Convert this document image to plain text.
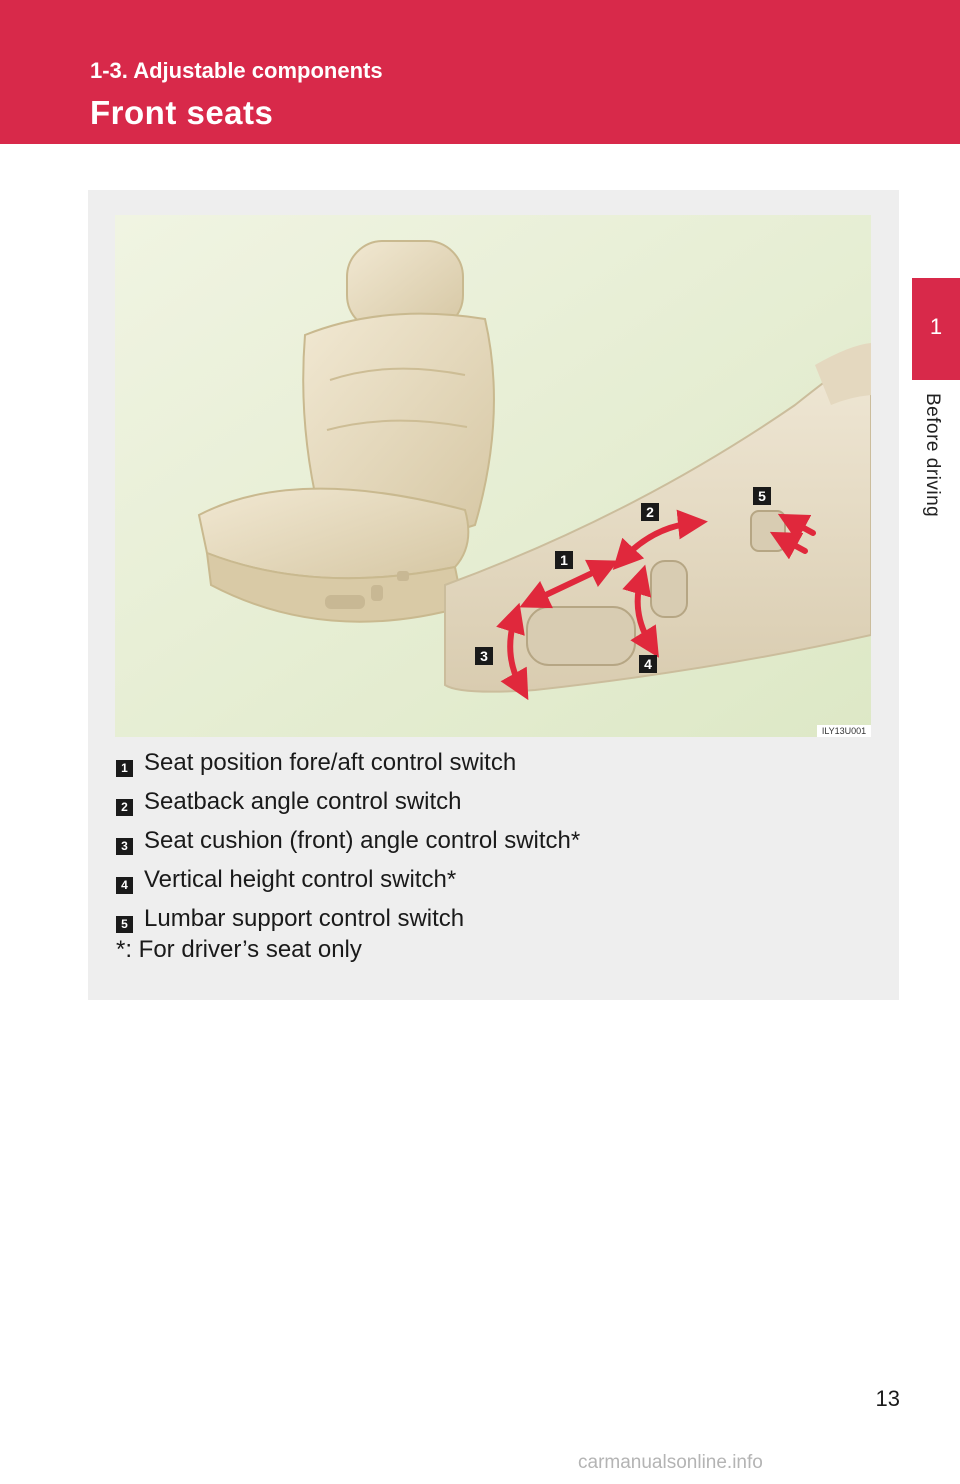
1-3. Adjustable components
Front seats
1
Before driving
1
2
3	4
5
ILY13U001
1 Seat position fore/aft control switch
2 Seatback angle control switch
3 Seat cushion (front) angle control switch*
4 Vertical height control switch*
5 Lumbar support control switch
*: For driver’s seat only
13
carmanualsonline.info
